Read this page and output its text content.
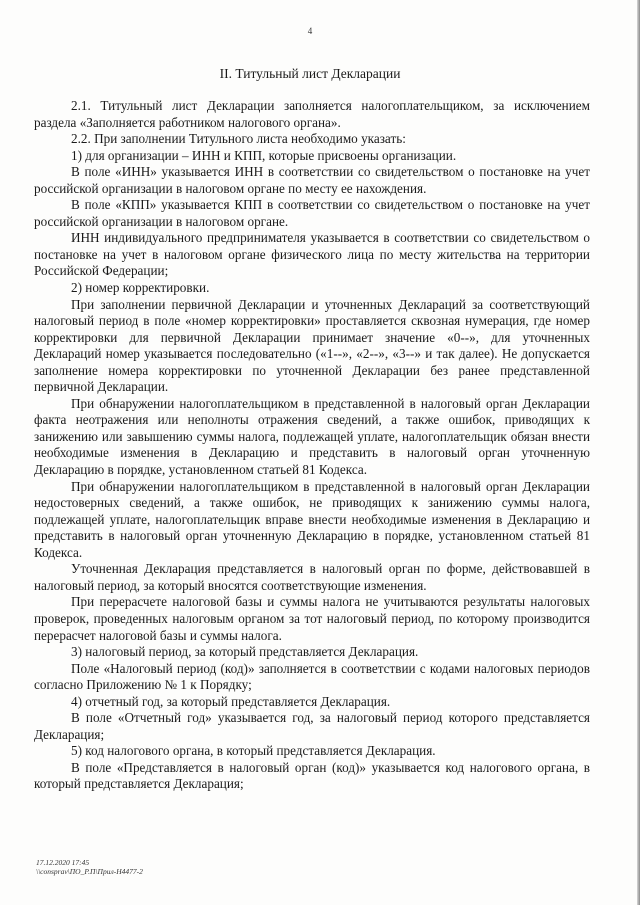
4
II. Титульный лист Декларации

2.1. Титульный лист Декларации заполняется налогоплательщиком, за исключением раздела «Заполняется работником налогового органа».

2.2. При заполнении Титульного листа необходимо указать:

1) для организации – ИНН и КПП, которые присвоены организации.

В поле «ИНН» указывается ИНН в соответствии со свидетельством о постановке на учет российской организации в налоговом органе по месту ее нахождения.

В поле «КПП» указывается КПП в соответствии со свидетельством о постановке на учет российской организации в налоговом органе.

ИНН индивидуального предпринимателя указывается в соответствии со свидетельством о постановке на учет в налоговом органе физического лица по месту жительства на территории Российской Федерации;

2) номер корректировки.

При заполнении первичной Декларации и уточненных Деклараций за соответствующий налоговый период в поле «номер корректировки» проставляется сквозная нумерация, где номер корректировки для первичной Декларации принимает значение «0--», для уточненных Деклараций номер указывается последовательно («1--», «2--», «3--» и так далее). Не допускается заполнение номера корректировки по уточненной Декларации без ранее представленной первичной Декларации.

При обнаружении налогоплательщиком в представленной в налоговый орган Декларации факта неотражения или неполноты отражения сведений, а также ошибок, приводящих к занижению или завышению суммы налога, подлежащей уплате, налогоплательщик обязан внести необходимые изменения в Декларацию и представить в налоговый орган уточненную Декларацию в порядке, установленном статьей 81 Кодекса.

При обнаружении налогоплательщиком в представленной в налоговый орган Декларации недостоверных сведений, а также ошибок, не приводящих к занижению суммы налога, подлежащей уплате, налогоплательщик вправе внести необходимые изменения в Декларацию и представить в налоговый орган уточненную Декларацию в порядке, установленном статьей 81 Кодекса.

Уточненная Декларация представляется в налоговый орган по форме, действовавшей в налоговый период, за который вносятся соответствующие изменения.

При перерасчете налоговой базы и суммы налога не учитываются результаты налоговых проверок, проведенных налоговым органом за тот налоговый период, по которому производится перерасчет налоговой базы и суммы налога.

3) налоговый период, за который представляется Декларация.

Поле «Налоговый период (код)» заполняется в соответствии с кодами налоговых периодов согласно Приложению № 1 к Порядку;

4) отчетный год, за который представляется Декларация.

В поле «Отчетный год» указывается год, за налоговый период которого представляется Декларация;

5) код налогового органа, в который представляется Декларация.

В поле «Представляется в налоговый орган (код)» указывается код налогового органа, в который представляется Декларация;

17.12.2020 17:45
\\consprav\ПО_Р.П\Прил-Н4477-2
